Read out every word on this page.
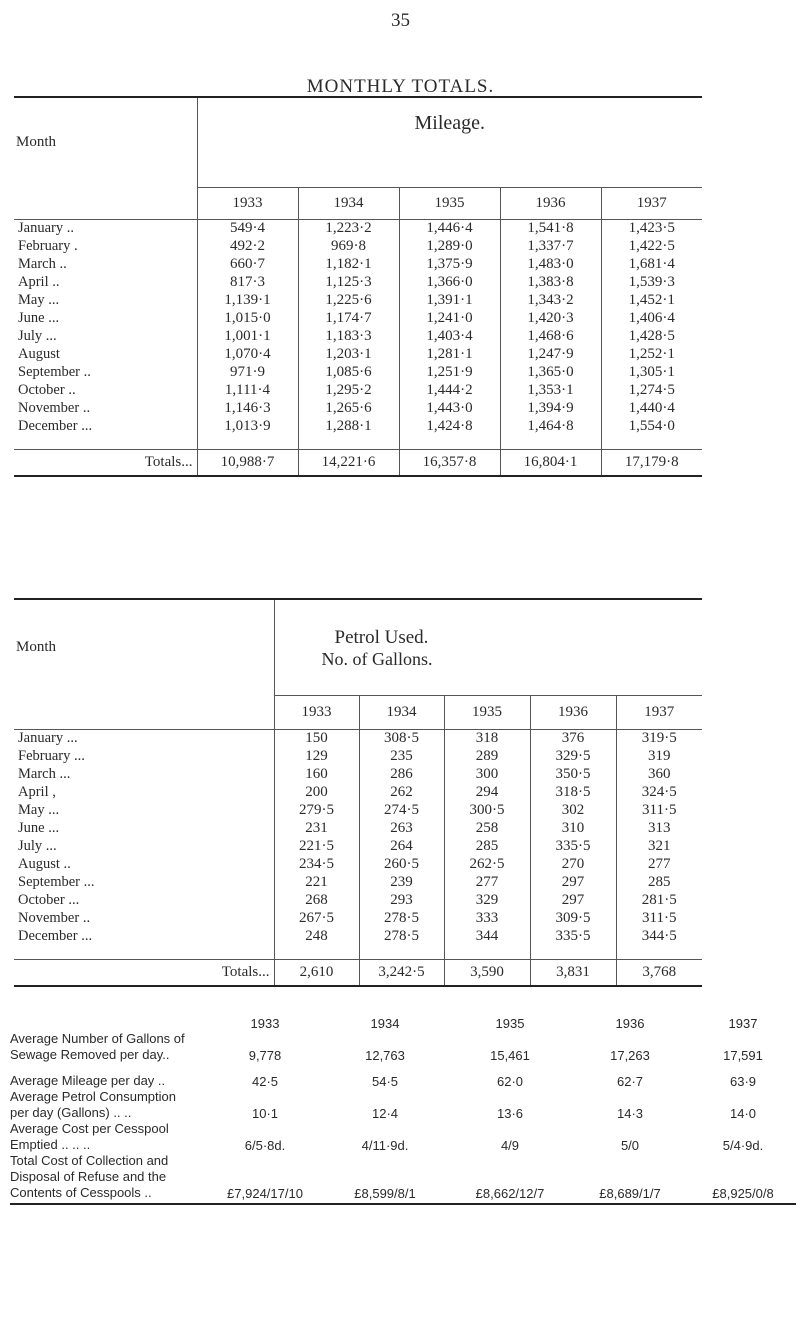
35
MONTHLY TOTALS.
Month	Mileage.				

	1933	1934	1935	1936	1937
January ..	549·4	1,223·2	1,446·4	1,541·8	1,423·5
February .	492·2	969·8	1,289·0	1,337·7	1,422·5
March ..	660·7	1,182·1	1,375·9	1,483·0	1,681·4
April ..	817·3	1,125·3	1,366·0	1,383·8	1,539·3
May ...	1,139·1	1,225·6	1,391·1	1,343·2	1,452·1
June ...	1,015·0	1,174·7	1,241·0	1,420·3	1,406·4
July ...	1,001·1	1,183·3	1,403·4	1,468·6	1,428·5
August	1,070·4	1,203·1	1,281·1	1,247·9	1,252·1
September ..	971·9	1,085·6	1,251·9	1,365·0	1,305·1
October ..	1,111·4	1,295·2	1,444·2	1,353·1	1,274·5
November ..	1,146·3	1,265·6	1,443·0	1,394·9	1,440·4
December ...	1,013·9	1,288·1	1,424·8	1,464·8	1,554·0

Totals...	10,988·7	14,221·6	16,357·8	16,804·1	17,179·8
Month	Petrol Used.				
	No. of Gallons.				
	1933	1934	1935	1936	1937
January ...	150	308·5	318	376	319·5
February ...	129	235	289	329·5	319
March ...	160	286	300	350·5	360
April ,	200	262	294	318·5	324·5
May ...	279·5	274·5	300·5	302	311·5
June ...	231	263	258	310	313
July ...	221·5	264	285	335·5	321
August ..	234·5	260·5	262·5	270	277
September ...	221	239	277	297	285
October ...	268	293	329	297	281·5
November ..	267·5	278·5	333	309·5	311·5
December ...	248	278·5	344	335·5	344·5

Totals...	2,610	3,242·5	3,590	3,831	3,768
	1933	1934	1935	1936	1937

Average Number of Gallons of
Sewage Removed per day..	9,778	12,763	15,461	17,263	17,591
Average Mileage per day ..	42·5	54·5	62·0	62·7	63·9

Average Petrol Consumption
per day (Gallons) .. ..	10·1	12·4	13·6	14·3	14·0

Average Cost per Cesspool
Emptied .. .. ..	6/5·8d.	4/11·9d.	4/9	5/0	5/4·9d.

Total Cost of Collection and
Disposal of Refuse and the
Contents of Cesspools ..	£7,924/17/10	£8,599/8/1	£8,662/12/7	£8,689/1/7	£8,925/0/8
